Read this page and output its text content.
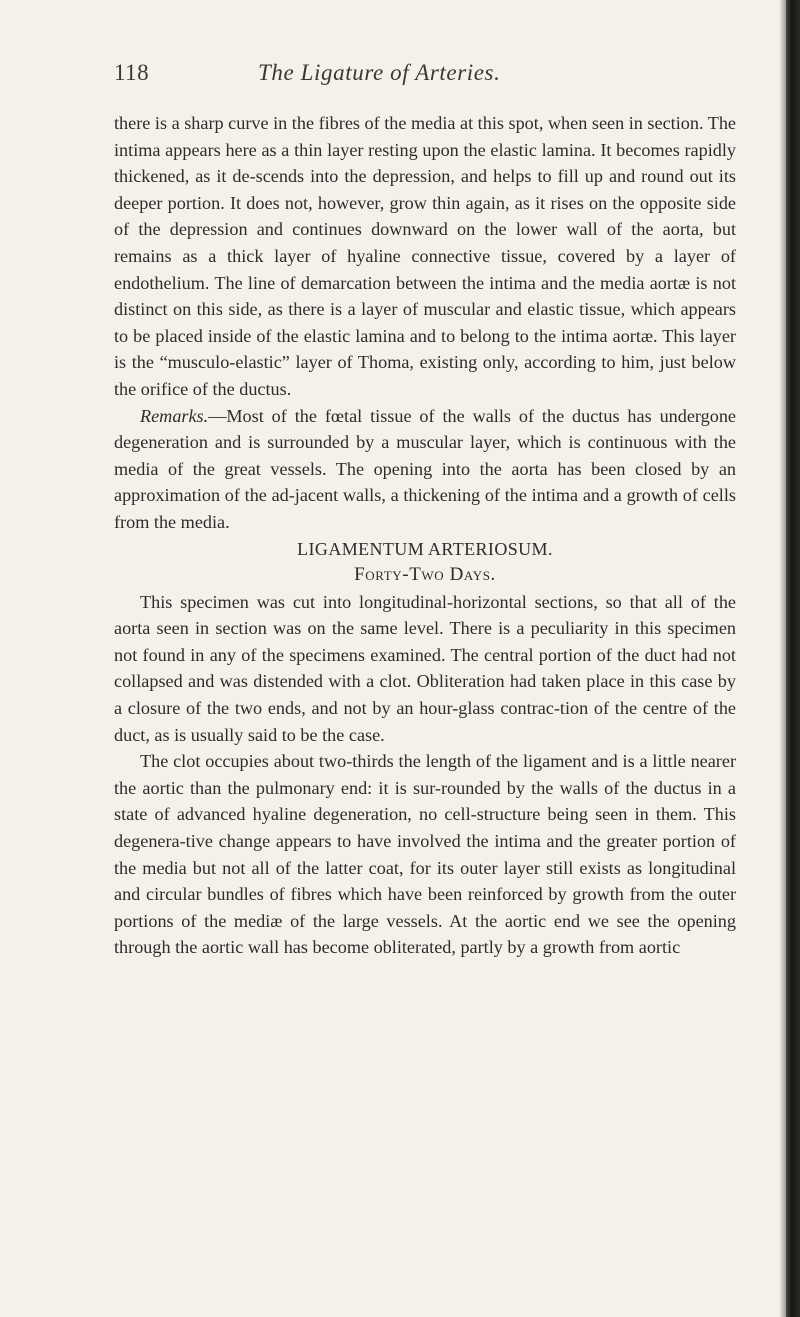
118	The Ligature of Arteries.

there is a sharp curve in the fibres of the media at this spot, when seen in section. The intima appears here as a thin layer resting upon the elastic lamina. It becomes rapidly thickened, as it de-scends into the depression, and helps to fill up and round out its deeper portion. It does not, however, grow thin again, as it rises on the opposite side of the depression and continues downward on the lower wall of the aorta, but remains as a thick layer of hyaline connective tissue, covered by a layer of endothelium. The line of demarcation between the intima and the media aortæ is not distinct on this side, as there is a layer of muscular and elastic tissue, which appears to be placed inside of the elastic lamina and to belong to the intima aortæ. This layer is the “musculo-elastic” layer of Thoma, existing only, according to him, just below the orifice of the ductus.

Remarks.—Most of the fœtal tissue of the walls of the ductus has undergone degeneration and is surrounded by a muscular layer, which is continuous with the media of the great vessels. The opening into the aorta has been closed by an approximation of the ad-jacent walls, a thickening of the intima and a growth of cells from the media.

LIGAMENTUM ARTERIOSUM.

Forty-Two Days.

This specimen was cut into longitudinal-horizontal sections, so that all of the aorta seen in section was on the same level. There is a peculiarity in this specimen not found in any of the specimens examined. The central portion of the duct had not collapsed and was distended with a clot. Obliteration had taken place in this case by a closure of the two ends, and not by an hour-glass contrac-tion of the centre of the duct, as is usually said to be the case.

The clot occupies about two-thirds the length of the ligament and is a little nearer the aortic than the pulmonary end: it is sur-rounded by the walls of the ductus in a state of advanced hyaline degeneration, no cell-structure being seen in them. This degenera-tive change appears to have involved the intima and the greater portion of the media but not all of the latter coat, for its outer layer still exists as longitudinal and circular bundles of fibres which have been reinforced by growth from the outer portions of the mediæ of the large vessels. At the aortic end we see the opening through the aortic wall has become obliterated, partly by a growth from aortic
